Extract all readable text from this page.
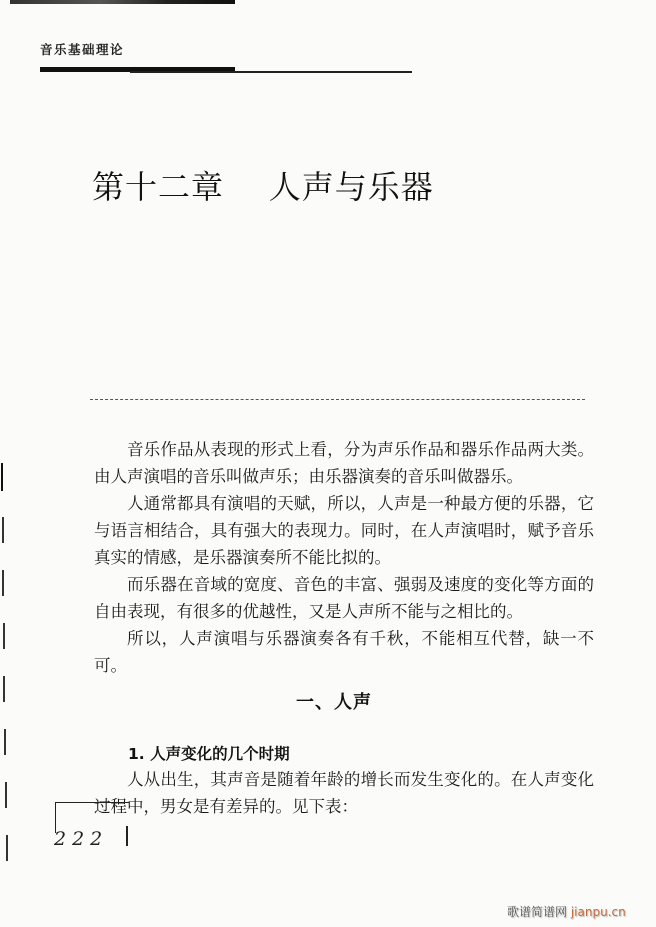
音乐基础理论
第十二章    人声与乐器

音乐作品从表现的形式上看，分为声乐作品和器乐作品两大类。由人声演唱的音乐叫做声乐；由乐器演奏的音乐叫做器乐。

人通常都具有演唱的天赋，所以，人声是一种最方便的乐器，它与语言相结合，具有强大的表现力。同时，在人声演唱时，赋予音乐真实的情感，是乐器演奏所不能比拟的。

而乐器在音域的宽度、音色的丰富、强弱及速度的变化等方面的自由表现，有很多的优越性，又是人声所不能与之相比的。

所以，人声演唱与乐器演奏各有千秋，不能相互代替，缺一不可。

一、人声
1. 人声变化的几个时期

人从出生，其声音是随着年龄的增长而发生变化的。在人声变化过程中，男女是有差异的。见下表：

222
歌谱简谱网 jianpu.cn
